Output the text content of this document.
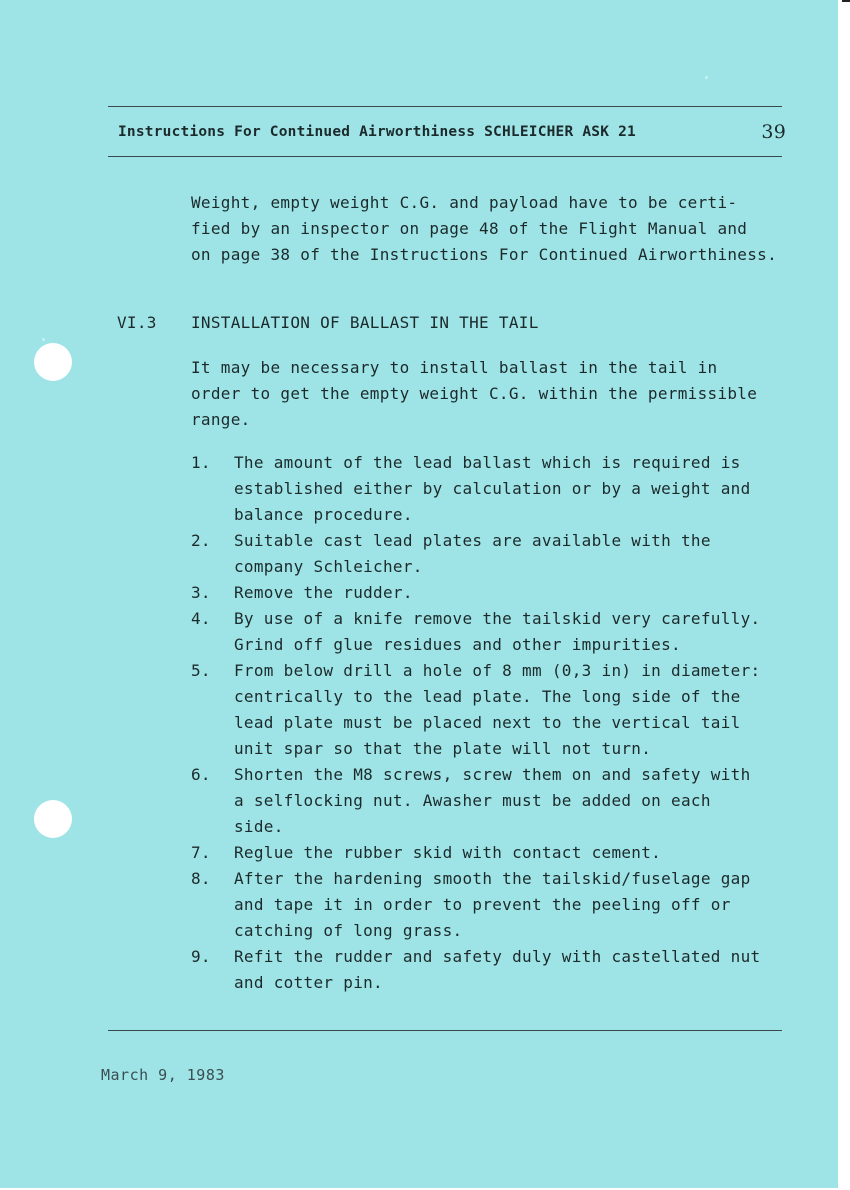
Instructions For Continued Airworthiness SCHLEICHER ASK 21	39
Weight, empty weight C.G. and payload have to be certi-
fied by an inspector on page 48 of the Flight Manual and
on page 38 of the Instructions For Continued Airworthiness.
VI.3 INSTALLATION OF BALLAST IN THE TAIL
It may be necessary to install ballast in the tail in
order to get the empty weight C.G. within the permissible
range.
1. The amount of the lead ballast which is required is
established either by calculation or by a weight and
balance procedure.
2. Suitable cast lead plates are available with the
company Schleicher.
3. Remove the rudder.
4. By use of a knife remove the tailskid very carefully.
Grind off glue residues and other impurities.
5. From below drill a hole of 8 mm (0,3 in) in diameter:
centrically to the lead plate. The long side of the
lead plate must be placed next to the vertical tail
unit spar so that the plate will not turn.
6. Shorten the M8 screws, screw them on and safety with
a selflocking nut. Awasher must be added on each
side.
7. Reglue the rubber skid with contact cement.
8. After the hardening smooth the tailskid/fuselage gap
and tape it in order to prevent the peeling off or
catching of long grass.
9. Refit the rudder and safety duly with castellated nut
and cotter pin.
March 9, 1983
